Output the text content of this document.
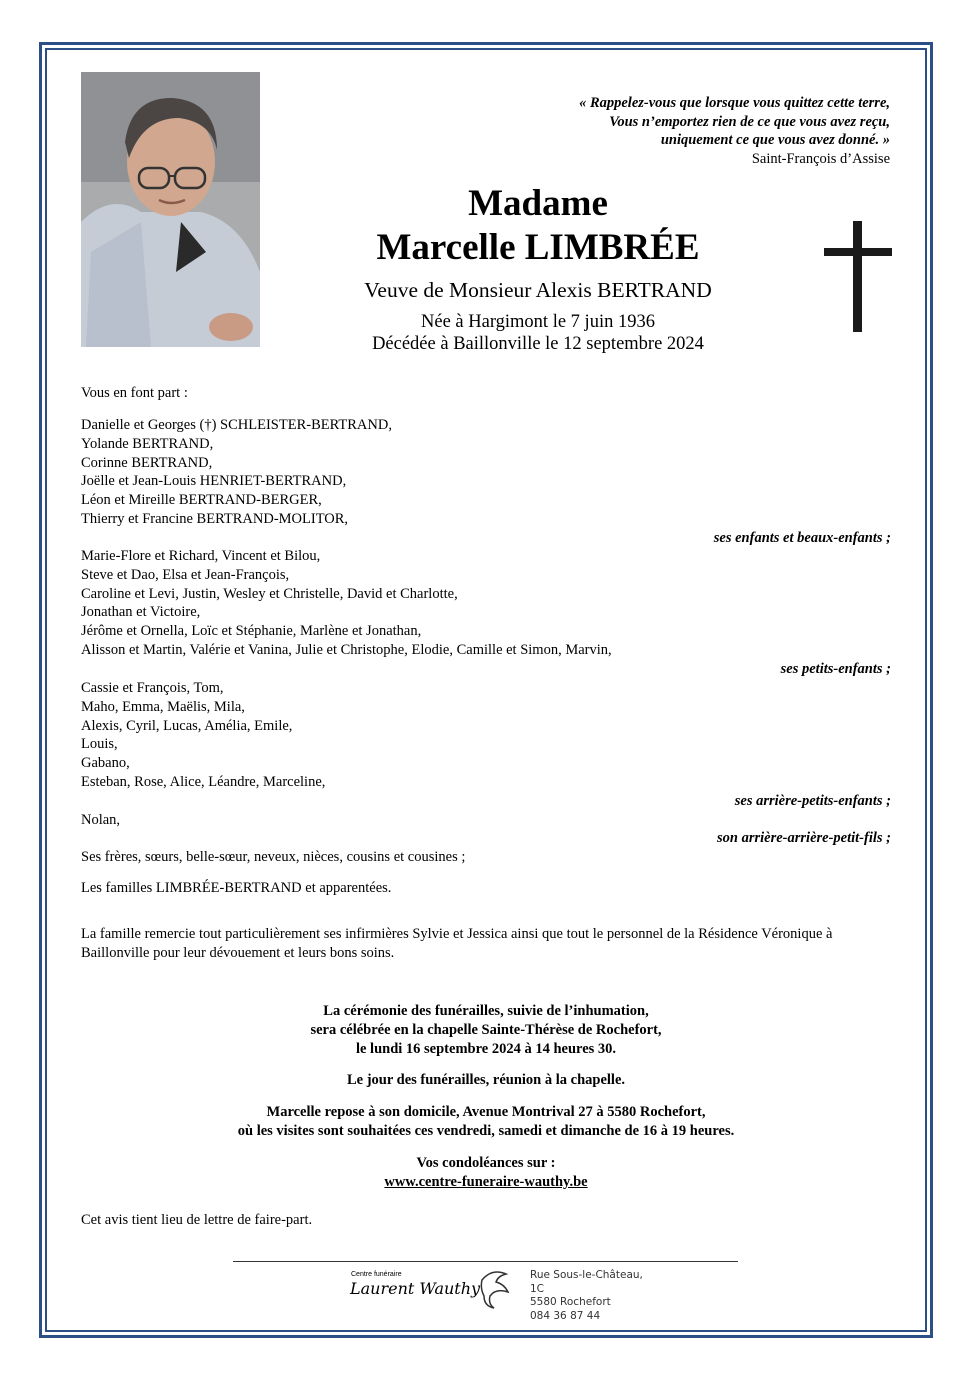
« Rappelez-vous que lorsque vous quittez cette terre,
Vous n’emportez rien de ce que vous avez reçu,
uniquement ce que vous avez donné. »
Saint-François d’Assise
Madame
Marcelle LIMBRÉE
Veuve de Monsieur Alexis BERTRAND
Née à Hargimont le 7 juin 1936
Décédée à Baillonville le 12 septembre 2024
Vous en font part :
Danielle et Georges (†) SCHLEISTER-BERTRAND,
Yolande BERTRAND,
Corinne BERTRAND,
Joëlle et Jean-Louis HENRIET-BERTRAND,
Léon et Mireille BERTRAND-BERGER,
Thierry et Francine BERTRAND-MOLITOR,
ses enfants et beaux-enfants ;
Marie-Flore et Richard, Vincent et Bilou,
Steve et Dao, Elsa et Jean-François,
Caroline et Levi, Justin, Wesley et Christelle, David et Charlotte,
Jonathan et Victoire,
Jérôme et Ornella, Loïc et Stéphanie, Marlène et Jonathan,
Alisson et Martin, Valérie et Vanina, Julie et Christophe, Elodie, Camille et Simon, Marvin,
ses petits-enfants ;
Cassie et François, Tom,
Maho, Emma, Maëlis, Mila,
Alexis, Cyril, Lucas, Amélia, Emile,
Louis,
Gabano,
Esteban, Rose, Alice, Léandre, Marceline,
ses arrière-petits-enfants ;
Nolan,
son arrière-arrière-petit-fils ;
Ses frères, sœurs, belle-sœur, neveux, nièces, cousins et cousines ;
Les familles LIMBRÉE-BERTRAND et apparentées.
La famille remercie tout particulièrement ses infirmières Sylvie et Jessica ainsi que tout le personnel de la Résidence Véronique à Baillonville pour leur dévouement et leurs bons soins.
La cérémonie des funérailles, suivie de l’inhumation,
sera célébrée en la chapelle Sainte-Thérèse de Rochefort,
le lundi 16 septembre 2024 à 14 heures 30.
Le jour des funérailles, réunion à la chapelle.
Marcelle repose à son domicile, Avenue Montrival 27 à 5580 Rochefort,
où les visites sont souhaitées ces vendredi, samedi et dimanche de 16 à 19 heures.
Vos condoléances sur :
www.centre-funeraire-wauthy.be
Cet avis tient lieu de lettre de faire-part.
Centre funéraire
Laurent Wauthy
Rue Sous-le-Château, 1C
5580 Rochefort
084 36 87 44
